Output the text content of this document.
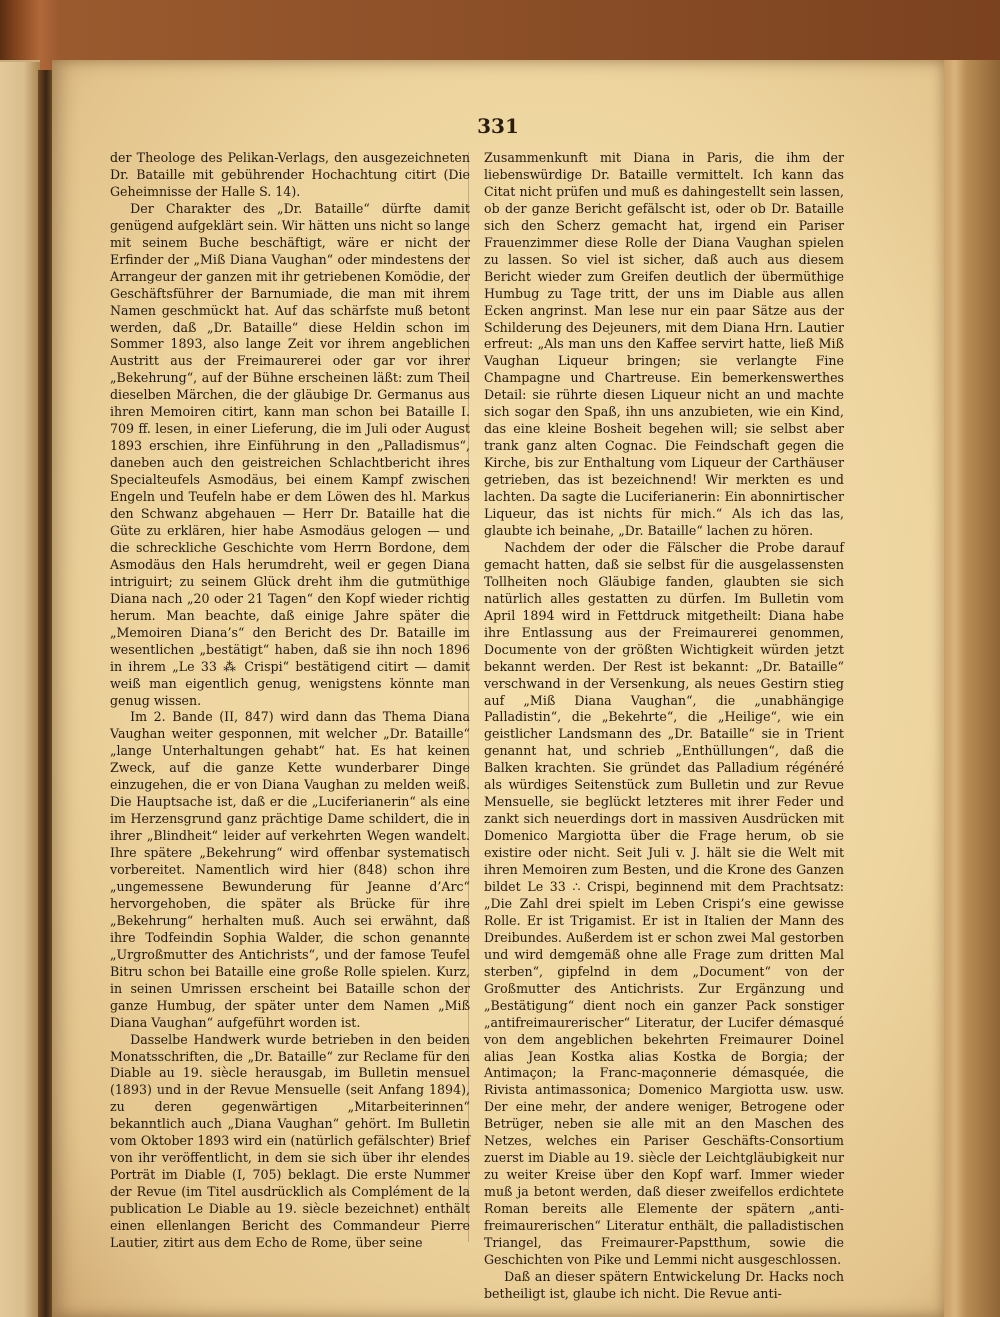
331

der Theologe des Pelikan-Verlags, den ausgezeichneten Dr. Bataille mit gebührender Hochachtung citirt (Die Geheimnisse der Halle S. 14).

Der Charakter des „Dr. Bataille“ dürfte damit genügend aufgeklärt sein. Wir hätten uns nicht so lange mit seinem Buche beschäftigt, wäre er nicht der Erfinder der „Miß Diana Vaughan“ oder mindestens der Arrangeur der ganzen mit ihr getriebenen Komödie, der Geschäftsführer der Barnumiade, die man mit ihrem Namen geschmückt hat. Auf das schärfste muß betont werden, daß „Dr. Bataille“ diese Heldin schon im Sommer 1893, also lange Zeit vor ihrem angeblichen Austritt aus der Freimaurerei oder gar vor ihrer „Bekehrung“, auf der Bühne erscheinen läßt: zum Theil dieselben Märchen, die der gläubige Dr. Germanus aus ihren Memoiren citirt, kann man schon bei Bataille I. 709 ff. lesen, in einer Lieferung, die im Juli oder August 1893 erschien, ihre Einführung in den „Palladismus“, daneben auch den geistreichen Schlachtbericht ihres Specialteufels Asmodäus, bei einem Kampf zwischen Engeln und Teufeln habe er dem Löwen des hl. Markus den Schwanz abgehauen — Herr Dr. Bataille hat die Güte zu erklären, hier habe Asmodäus gelogen — und die schreckliche Geschichte vom Herrn Bordone, dem Asmodäus den Hals herumdreht, weil er gegen Diana intriguirt; zu seinem Glück dreht ihm die gutmüthige Diana nach „20 oder 21 Tagen“ den Kopf wieder richtig herum. Man beachte, daß einige Jahre später die „Memoiren Diana’s“ den Bericht des Dr. Bataille im wesentlichen „bestätigt“ haben, daß sie ihn noch 1896 in ihrem „Le 33 ⁂ Crispi“ bestätigend citirt — damit weiß man eigentlich genug, wenigstens könnte man genug wissen.

Im 2. Bande (II, 847) wird dann das Thema Diana Vaughan weiter gesponnen, mit welcher „Dr. Bataille“ „lange Unterhaltungen gehabt“ hat. Es hat keinen Zweck, auf die ganze Kette wunderbarer Dinge einzugehen, die er von Diana Vaughan zu melden weiß. Die Hauptsache ist, daß er die „Luciferianerin“ als eine im Herzensgrund ganz prächtige Dame schildert, die in ihrer „Blindheit“ leider auf verkehrten Wegen wandelt. Ihre spätere „Bekehrung“ wird offenbar systematisch vorbereitet. Namentlich wird hier (848) schon ihre „ungemessene Bewunderung für Jeanne d’Arc“ hervorgehoben, die später als Brücke für ihre „Bekehrung“ herhalten muß. Auch sei erwähnt, daß ihre Todfeindin Sophia Walder, die schon genannte „Urgroßmutter des Antichrists“, und der famose Teufel Bitru schon bei Bataille eine große Rolle spielen. Kurz, in seinen Umrissen erscheint bei Bataille schon der ganze Humbug, der später unter dem Namen „Miß Diana Vaughan“ aufgeführt worden ist.

Dasselbe Handwerk wurde betrieben in den beiden Monatsschriften, die „Dr. Bataille“ zur Reclame für den Diable au 19. siècle herausgab, im Bulletin mensuel (1893) und in der Revue Mensuelle (seit Anfang 1894), zu deren gegenwärtigen „Mitarbeiterinnen“ bekanntlich auch „Diana Vaughan“ gehört. Im Bulletin vom Oktober 1893 wird ein (natürlich gefälschter) Brief von ihr veröffentlicht, in dem sie sich über ihr elendes Porträt im Diable (I, 705) beklagt. Die erste Nummer der Revue (im Titel ausdrücklich als Complément de la publication Le Diable au 19. siècle bezeichnet) enthält einen ellenlangen Bericht des Commandeur Pierre Lautier, zitirt aus dem Echo de Rome, über seine

Zusammenkunft mit Diana in Paris, die ihm der liebenswürdige Dr. Bataille vermittelt. Ich kann das Citat nicht prüfen und muß es dahingestellt sein lassen, ob der ganze Bericht gefälscht ist, oder ob Dr. Bataille sich den Scherz gemacht hat, irgend ein Pariser Frauenzimmer diese Rolle der Diana Vaughan spielen zu lassen. So viel ist sicher, daß auch aus diesem Bericht wieder zum Greifen deutlich der übermüthige Humbug zu Tage tritt, der uns im Diable aus allen Ecken angrinst. Man lese nur ein paar Sätze aus der Schilderung des Dejeuners, mit dem Diana Hrn. Lautier erfreut: „Als man uns den Kaffee servirt hatte, ließ Miß Vaughan Liqueur bringen; sie verlangte Fine Champagne und Chartreuse. Ein bemerkenswerthes Detail: sie rührte diesen Liqueur nicht an und machte sich sogar den Spaß, ihn uns anzubieten, wie ein Kind, das eine kleine Bosheit begehen will; sie selbst aber trank ganz alten Cognac. Die Feindschaft gegen die Kirche, bis zur Enthaltung vom Liqueur der Carthäuser getrieben, das ist bezeichnend! Wir merkten es und lachten. Da sagte die Luciferianerin: Ein abonnirtischer Liqueur, das ist nichts für mich.“ Als ich das las, glaubte ich beinahe, „Dr. Bataille“ lachen zu hören.

Nachdem der oder die Fälscher die Probe darauf gemacht hatten, daß sie selbst für die ausgelassensten Tollheiten noch Gläubige fanden, glaubten sie sich natürlich alles gestatten zu dürfen. Im Bulletin vom April 1894 wird in Fettdruck mitgetheilt: Diana habe ihre Entlassung aus der Freimaurerei genommen, Documente von der größten Wichtigkeit würden jetzt bekannt werden. Der Rest ist bekannt: „Dr. Bataille“ verschwand in der Versenkung, als neues Gestirn stieg auf „Miß Diana Vaughan“, die „unabhängige Palladistin“, die „Bekehrte“, die „Heilige“, wie ein geistlicher Landsmann des „Dr. Bataille“ sie in Trient genannt hat, und schrieb „Enthüllungen“, daß die Balken krachten. Sie gründet das Palladium régénéré als würdiges Seitenstück zum Bulletin und zur Revue Mensuelle, sie beglückt letzteres mit ihrer Feder und zankt sich neuerdings dort in massiven Ausdrücken mit Domenico Margiotta über die Frage herum, ob sie existire oder nicht. Seit Juli v. J. hält sie die Welt mit ihren Memoiren zum Besten, und die Krone des Ganzen bildet Le 33 ∴ Crispi, beginnend mit dem Prachtsatz: „Die Zahl drei spielt im Leben Crispi’s eine gewisse Rolle. Er ist Trigamist. Er ist in Italien der Mann des Dreibundes. Außerdem ist er schon zwei Mal gestorben und wird demgemäß ohne alle Frage zum dritten Mal sterben“, gipfelnd in dem „Document“ von der Großmutter des Antichrists. Zur Ergänzung und „Bestätigung“ dient noch ein ganzer Pack sonstiger „antifreimaurerischer“ Literatur, der Lucifer démasqué von dem angeblichen bekehrten Freimaurer Doinel alias Jean Kostka alias Kostka de Borgia; der Antimaçon; la Franc-maçonnerie démasquée, die Rivista antimassonica; Domenico Margiotta usw. usw. Der eine mehr, der andere weniger, Betrogene oder Betrüger, neben sie alle mit an den Maschen des Netzes, welches ein Pariser Geschäfts-Consortium zuerst im Diable au 19. siècle der Leichtgläubigkeit nur zu weiter Kreise über den Kopf warf. Immer wieder muß ja betont werden, daß dieser zweifellos erdichtete Roman bereits alle Elemente der spätern „anti-freimaurerischen“ Literatur enthält, die palladistischen Triangel, das Freimaurer-Papstthum, sowie die Geschichten von Pike und Lemmi nicht ausgeschlossen.

Daß an dieser spätern Entwickelung Dr. Hacks noch betheiligt ist, glaube ich nicht. Die Revue anti-
